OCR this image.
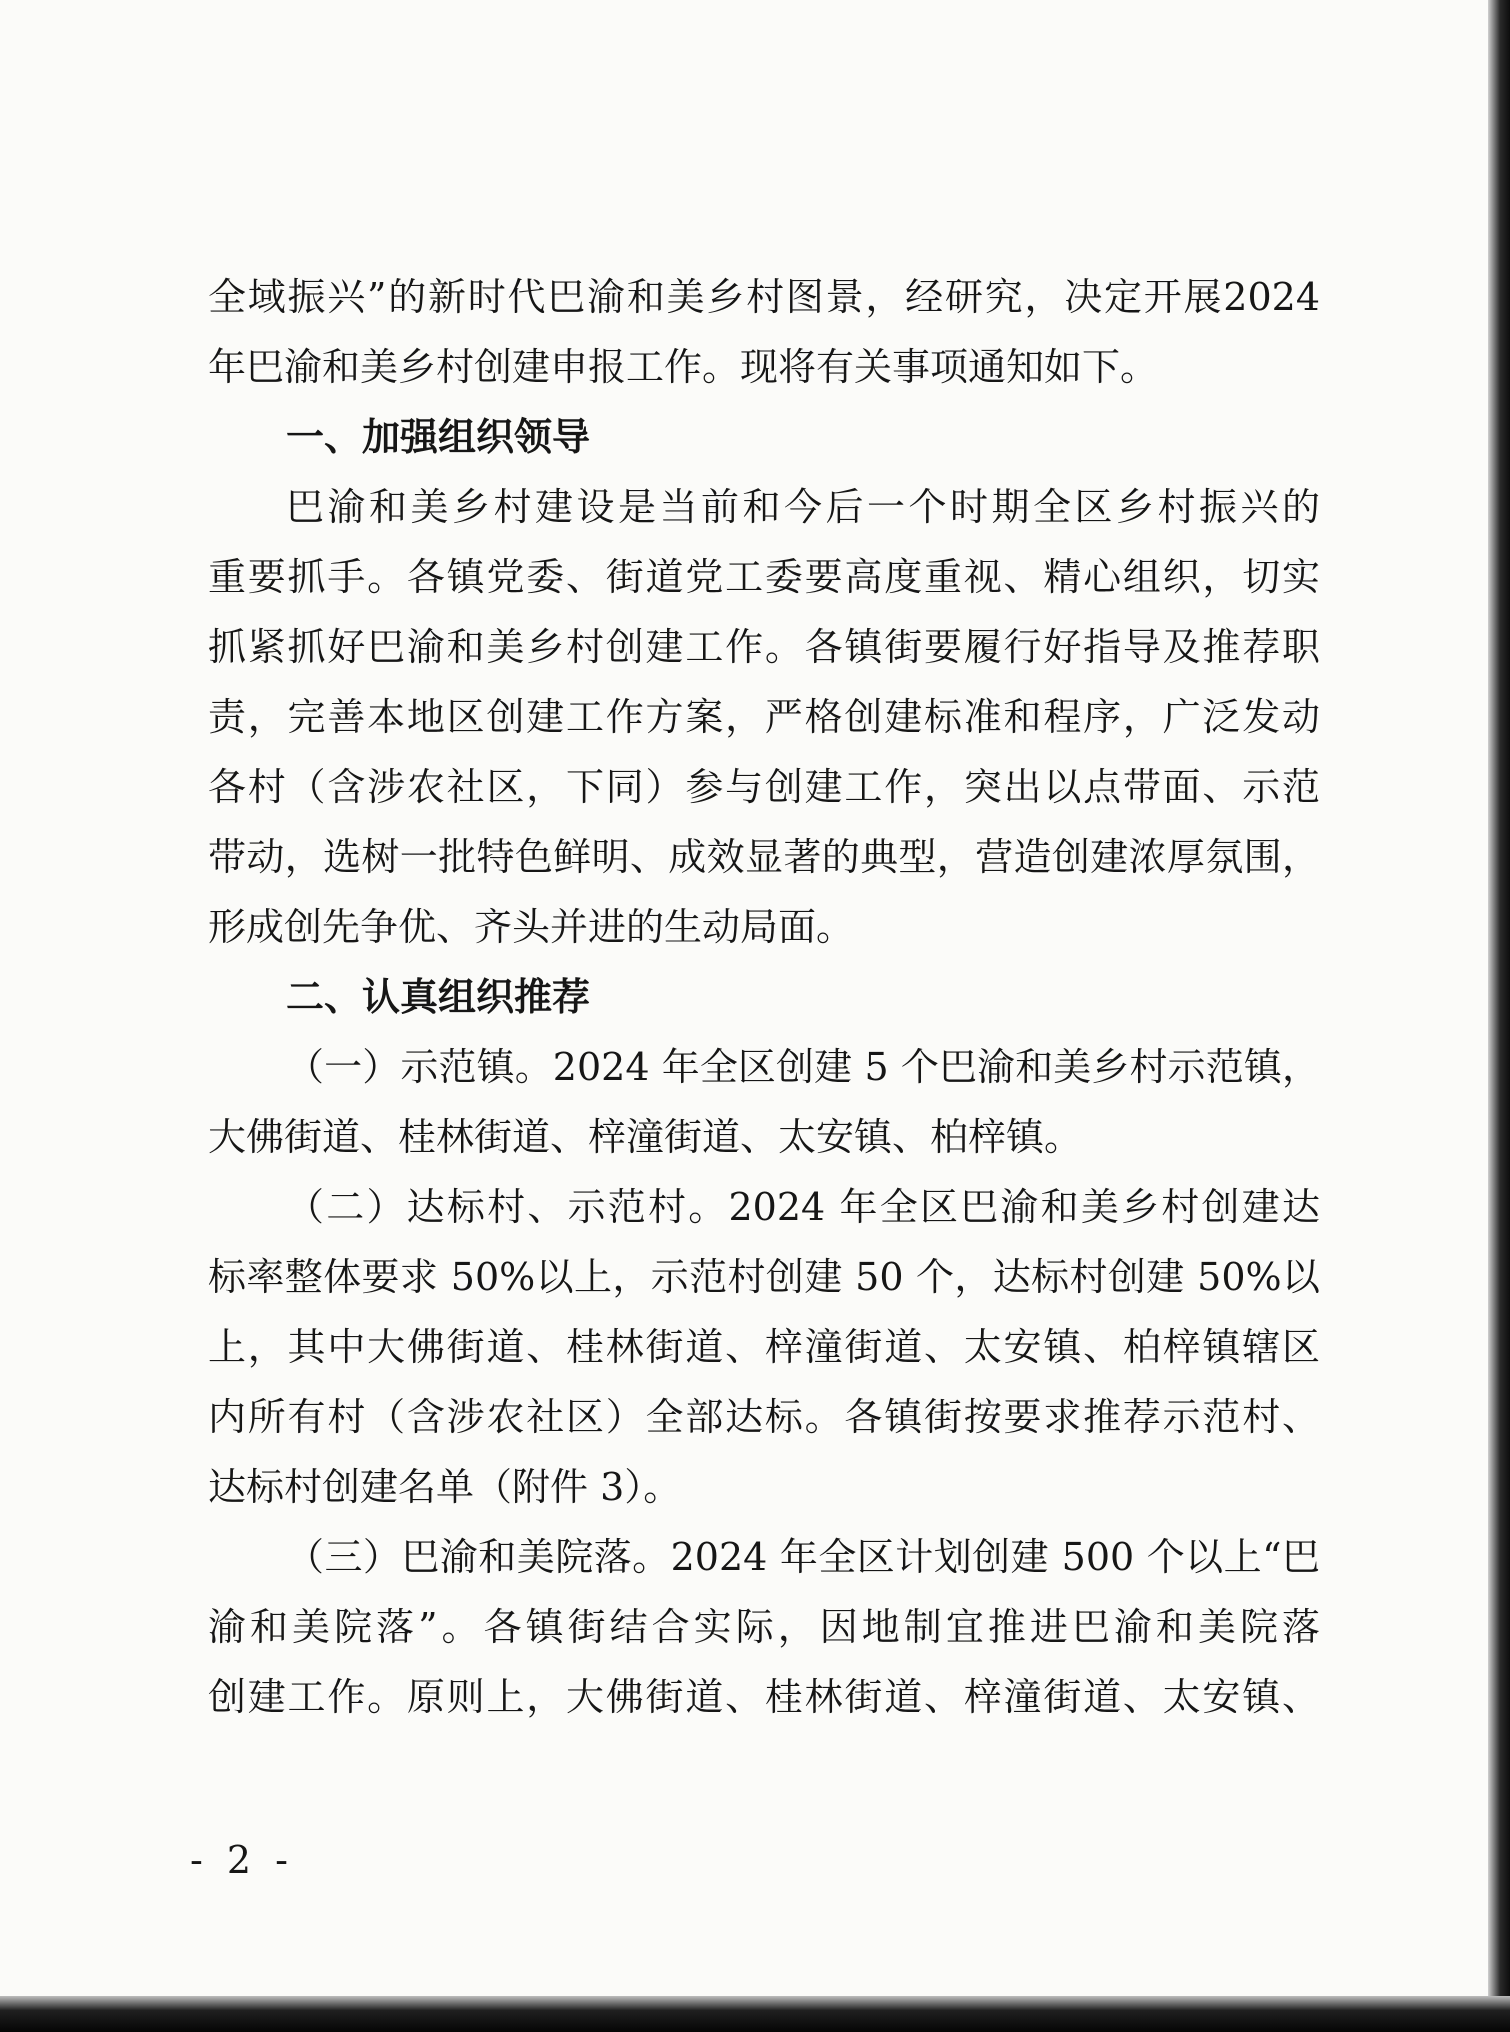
全域振兴”的新时代巴渝和美乡村图景，经研究，决定开展2024
年巴渝和美乡村创建申报工作。现将有关事项通知如下。
一、加强组织领导
巴渝和美乡村建设是当前和今后一个时期全区乡村振兴的
重要抓手。各镇党委、街道党工委要高度重视、精心组织，切实
抓紧抓好巴渝和美乡村创建工作。各镇街要履行好指导及推荐职
责，完善本地区创建工作方案，严格创建标准和程序，广泛发动
各村（含涉农社区，下同）参与创建工作，突出以点带面、示范
带动，选树一批特色鲜明、成效显著的典型，营造创建浓厚氛围，
形成创先争优、齐头并进的生动局面。
二、认真组织推荐
（一）示范镇。2024 年全区创建 5 个巴渝和美乡村示范镇，
大佛街道、桂林街道、梓潼街道、太安镇、柏梓镇。
（二）达标村、示范村。2024 年全区巴渝和美乡村创建达
标率整体要求 50%以上，示范村创建 50 个，达标村创建 50%以
上，其中大佛街道、桂林街道、梓潼街道、太安镇、柏梓镇辖区
内所有村（含涉农社区）全部达标。各镇街按要求推荐示范村、
达标村创建名单（附件 3）。
（三）巴渝和美院落。2024 年全区计划创建 500 个以上“巴
渝和美院落”。各镇街结合实际，因地制宜推进巴渝和美院落
创建工作。原则上，大佛街道、桂林街道、梓潼街道、太安镇、
- 2 -
